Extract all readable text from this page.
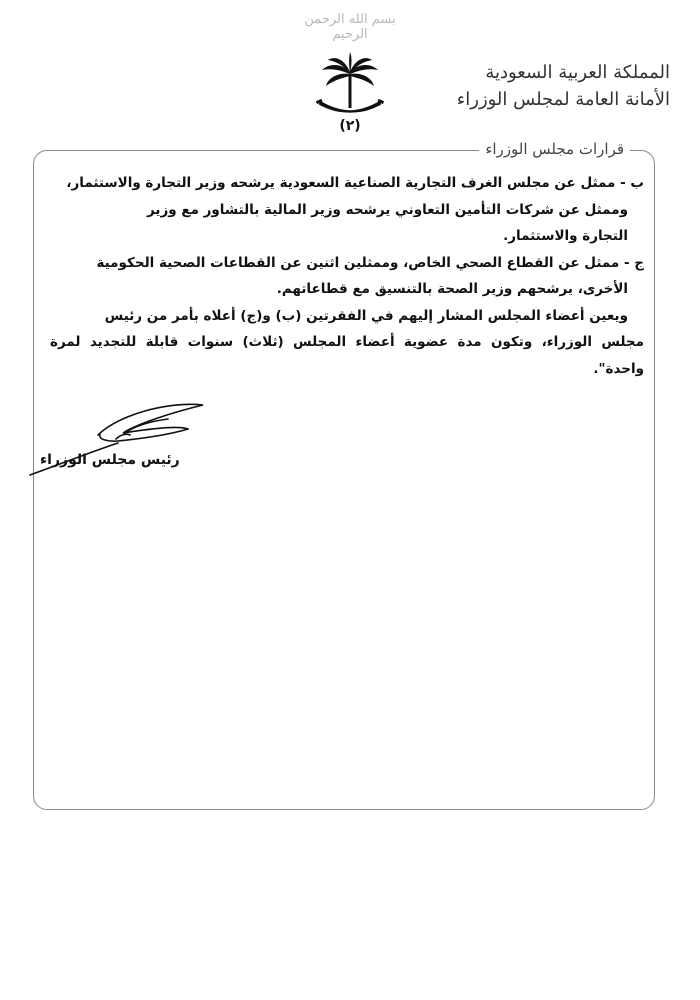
بسم الله الرحمن الرحيم
(٢)
المملكة العربية السعودية
الأمانة العامة لمجلس الوزراء
قرارات مجلس الوزراء

ب - ممثل عن مجلس الغرف التجارية الصناعية السعودية يرشحه وزير التجارة والاستثمار،

وممثل عن شركات التأمين التعاوني يرشحه وزير المالية بالتشاور مع وزير

التجارة والاستثمار.

ج - ممثل عن القطاع الصحي الخاص، وممثلين اثنين عن القطاعات الصحية الحكومية

الأخرى، يرشحهم وزير الصحة بالتنسيق مع قطاعاتهم.

ويعين أعضاء المجلس المشار إليهم في الفقرتين (ب) و(ج) أعلاه بأمر من رئيس

مجلس الوزراء، وتكون مدة عضوية أعضاء المجلس (ثلاث) سنوات قابلة للتجديد لمرة واحدة".

رئيس مجلس الوزراء
